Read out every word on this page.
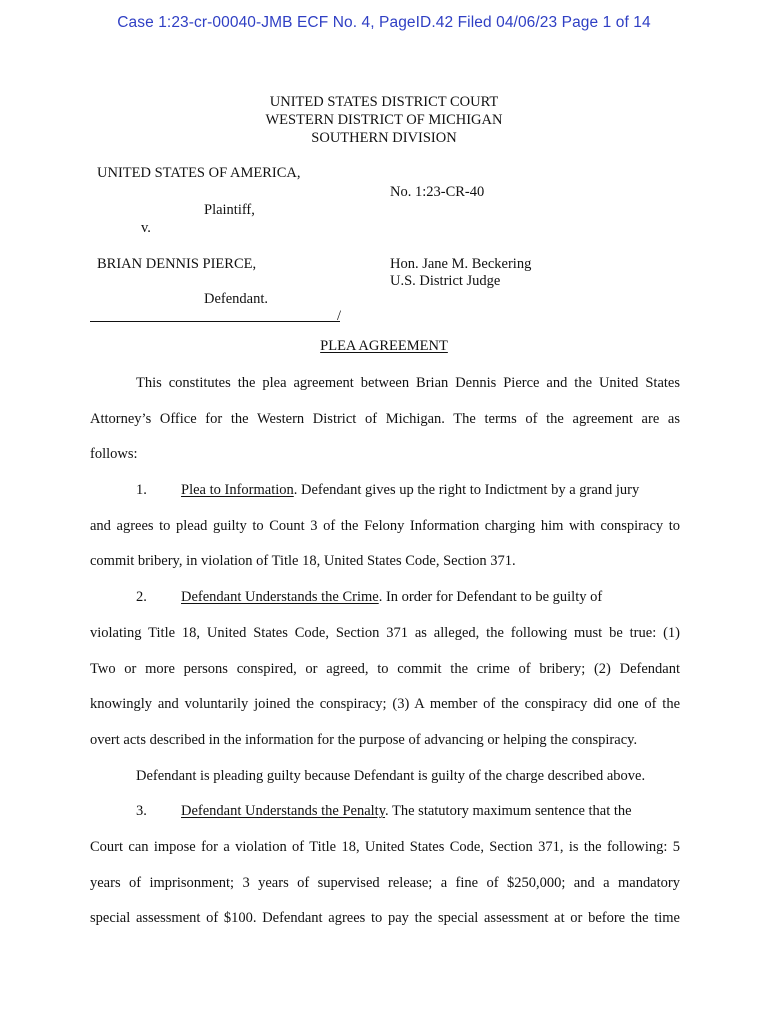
Case 1:23-cr-00040-JMB ECF No. 4, PageID.42 Filed 04/06/23 Page 1 of 14
UNITED STATES DISTRICT COURT
WESTERN DISTRICT OF MICHIGAN
SOUTHERN DIVISION
UNITED STATES OF AMERICA,
No. 1:23-CR-40
Plaintiff,
v.
BRIAN DENNIS PIERCE,	Hon. Jane M. Beckering
U.S. District Judge
Defendant.
/
PLEA AGREEMENT
This constitutes the plea agreement between Brian Dennis Pierce and the United States
Attorney’s Office for the Western District of Michigan. The terms of the agreement are as
follows:
1. Plea to Information. Defendant gives up the right to Indictment by a grand jury
and agrees to plead guilty to Count 3 of the Felony Information charging him with conspiracy to
commit bribery, in violation of Title 18, United States Code, Section 371.
2. Defendant Understands the Crime. In order for Defendant to be guilty of
violating Title 18, United States Code, Section 371 as alleged, the following must be true: (1)
Two or more persons conspired, or agreed, to commit the crime of bribery; (2) Defendant
knowingly and voluntarily joined the conspiracy; (3) A member of the conspiracy did one of the
overt acts described in the information for the purpose of advancing or helping the conspiracy.
Defendant is pleading guilty because Defendant is guilty of the charge described above.
3. Defendant Understands the Penalty. The statutory maximum sentence that the
Court can impose for a violation of Title 18, United States Code, Section 371, is the following: 5
years of imprisonment; 3 years of supervised release; a fine of $250,000; and a mandatory
special assessment of $100. Defendant agrees to pay the special assessment at or before the time
